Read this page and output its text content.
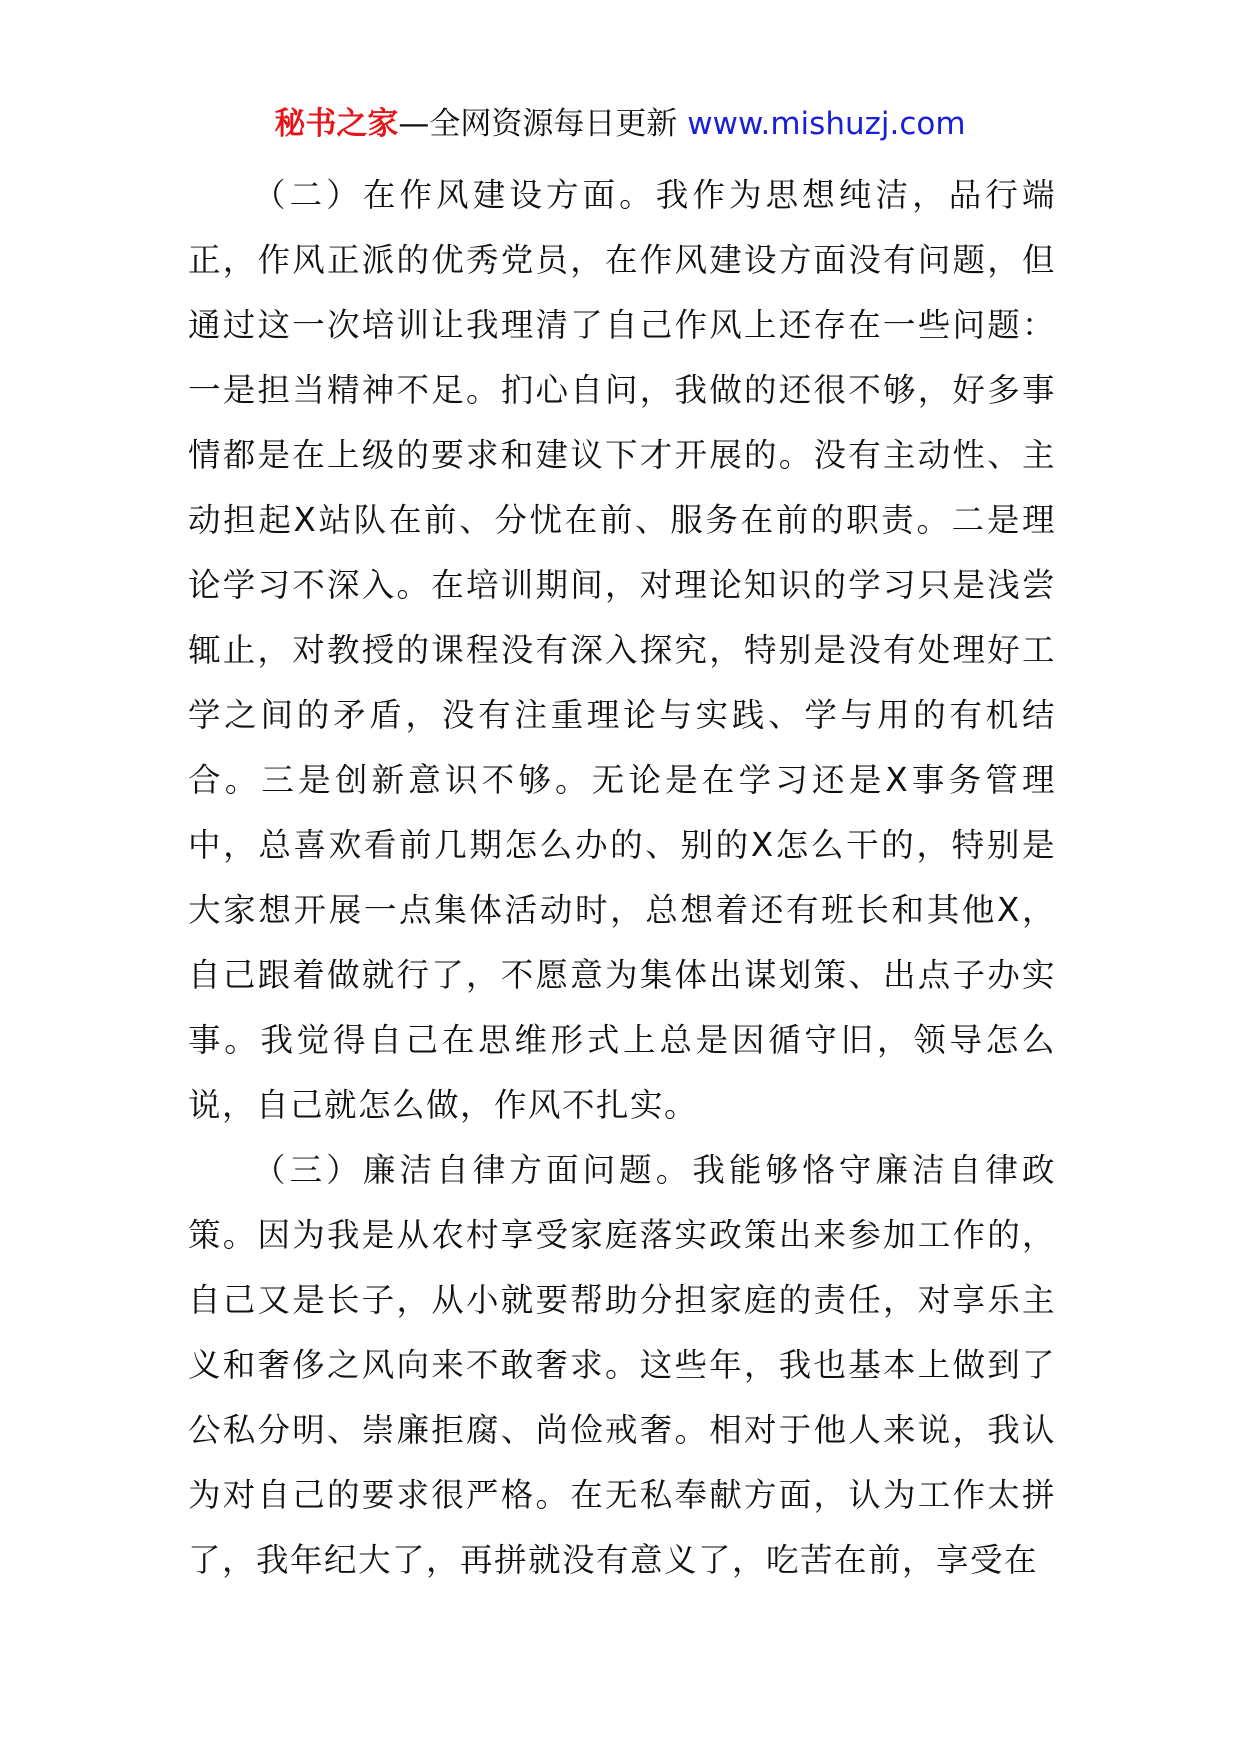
秘书之家—全网资源每日更新 www.mishuzj.com

（二）在作风建设方面。我作为思想纯洁，品行端正，作风正派的优秀党员，在作风建设方面没有问题，但通过这一次培训让我理清了自己作风上还存在一些问题：一是担当精神不足。扪心自问，我做的还很不够，好多事情都是在上级的要求和建议下才开展的。没有主动性、主动担起X站队在前、分忧在前、服务在前的职责。二是理论学习不深入。在培训期间，对理论知识的学习只是浅尝辄止，对教授的课程没有深入探究，特别是没有处理好工学之间的矛盾，没有注重理论与实践、学与用的有机结合。三是创新意识不够。无论是在学习还是X事务管理中，总喜欢看前几期怎么办的、别的X怎么干的，特别是大家想开展一点集体活动时，总想着还有班长和其他X，自己跟着做就行了，不愿意为集体出谋划策、出点子办实事。我觉得自己在思维形式上总是因循守旧，领导怎么说，自己就怎么做，作风不扎实。

（三）廉洁自律方面问题。我能够恪守廉洁自律政策。因为我是从农村享受家庭落实政策出来参加工作的，自己又是长子，从小就要帮助分担家庭的责任，对享乐主义和奢侈之风向来不敢奢求。这些年，我也基本上做到了公私分明、崇廉拒腐、尚俭戒奢。相对于他人来说，我认为对自己的要求很严格。在无私奉献方面，认为工作太拼了，我年纪大了，再拼就没有意义了，吃苦在前，享受在
